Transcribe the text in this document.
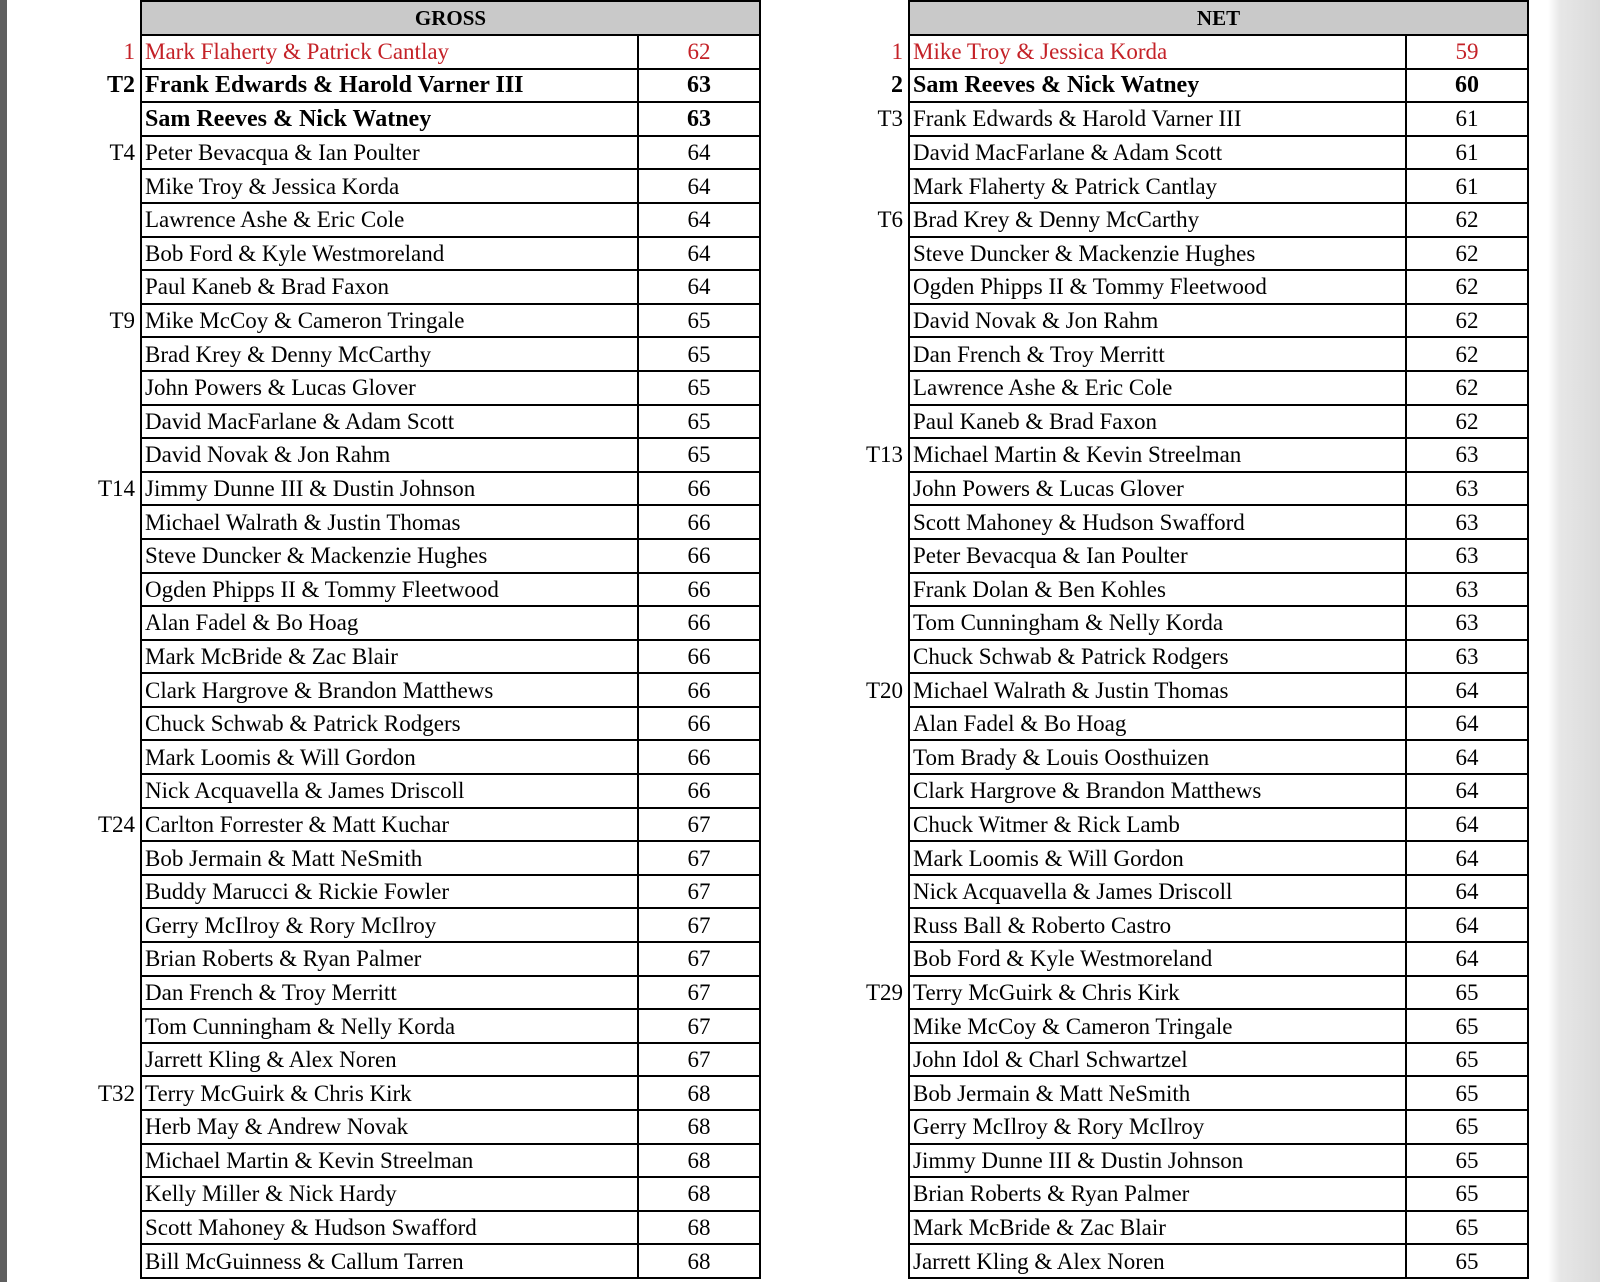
	GROSS	
1	Mark Flaherty & Patrick Cantlay	62
T2	Frank Edwards & Harold Varner III	63
	Sam Reeves & Nick Watney	63
T4	Peter Bevacqua & Ian Poulter	64
	Mike Troy & Jessica Korda	64
	Lawrence Ashe & Eric Cole	64
	Bob Ford & Kyle Westmoreland	64
	Paul Kaneb & Brad Faxon	64
T9	Mike McCoy & Cameron Tringale	65
	Brad Krey & Denny McCarthy	65
	John Powers & Lucas Glover	65
	David MacFarlane & Adam Scott	65
	David Novak & Jon Rahm	65
T14	Jimmy Dunne III & Dustin Johnson	66
	Michael Walrath & Justin Thomas	66
	Steve Duncker & Mackenzie Hughes	66
	Ogden Phipps II & Tommy Fleetwood	66
	Alan Fadel & Bo Hoag	66
	Mark McBride & Zac Blair	66
	Clark Hargrove & Brandon Matthews	66
	Chuck Schwab & Patrick Rodgers	66
	Mark Loomis & Will Gordon	66
	Nick Acquavella & James Driscoll	66
T24	Carlton Forrester & Matt Kuchar	67
	Bob Jermain & Matt NeSmith	67
	Buddy Marucci & Rickie Fowler	67
	Gerry McIlroy & Rory McIlroy	67
	Brian Roberts & Ryan Palmer	67
	Dan French & Troy Merritt	67
	Tom Cunningham & Nelly Korda	67
	Jarrett Kling & Alex Noren	67
T32	Terry McGuirk & Chris Kirk	68
	Herb May & Andrew Novak	68
	Michael Martin & Kevin Streelman	68
	Kelly Miller & Nick Hardy	68
	Scott Mahoney & Hudson Swafford	68
	Bill McGuinness & Callum Tarren	68
	NET	
1	Mike Troy & Jessica Korda	59
2	Sam Reeves & Nick Watney	60
T3	Frank Edwards & Harold Varner III	61
	David MacFarlane & Adam Scott	61
	Mark Flaherty & Patrick Cantlay	61
T6	Brad Krey & Denny McCarthy	62
	Steve Duncker & Mackenzie Hughes	62
	Ogden Phipps II & Tommy Fleetwood	62
	David Novak & Jon Rahm	62
	Dan French & Troy Merritt	62
	Lawrence Ashe & Eric Cole	62
	Paul Kaneb & Brad Faxon	62
T13	Michael Martin & Kevin Streelman	63
	John Powers & Lucas Glover	63
	Scott Mahoney & Hudson Swafford	63
	Peter Bevacqua & Ian Poulter	63
	Frank Dolan & Ben Kohles	63
	Tom Cunningham & Nelly Korda	63
	Chuck Schwab & Patrick Rodgers	63
T20	Michael Walrath & Justin Thomas	64
	Alan Fadel & Bo Hoag	64
	Tom Brady & Louis Oosthuizen	64
	Clark Hargrove & Brandon Matthews	64
	Chuck Witmer & Rick Lamb	64
	Mark Loomis & Will Gordon	64
	Nick Acquavella & James Driscoll	64
	Russ Ball & Roberto Castro	64
	Bob Ford & Kyle Westmoreland	64
T29	Terry McGuirk & Chris Kirk	65
	Mike McCoy & Cameron Tringale	65
	John Idol & Charl Schwartzel	65
	Bob Jermain & Matt NeSmith	65
	Gerry McIlroy & Rory McIlroy	65
	Jimmy Dunne III & Dustin Johnson	65
	Brian Roberts & Ryan Palmer	65
	Mark McBride & Zac Blair	65
	Jarrett Kling & Alex Noren	65
